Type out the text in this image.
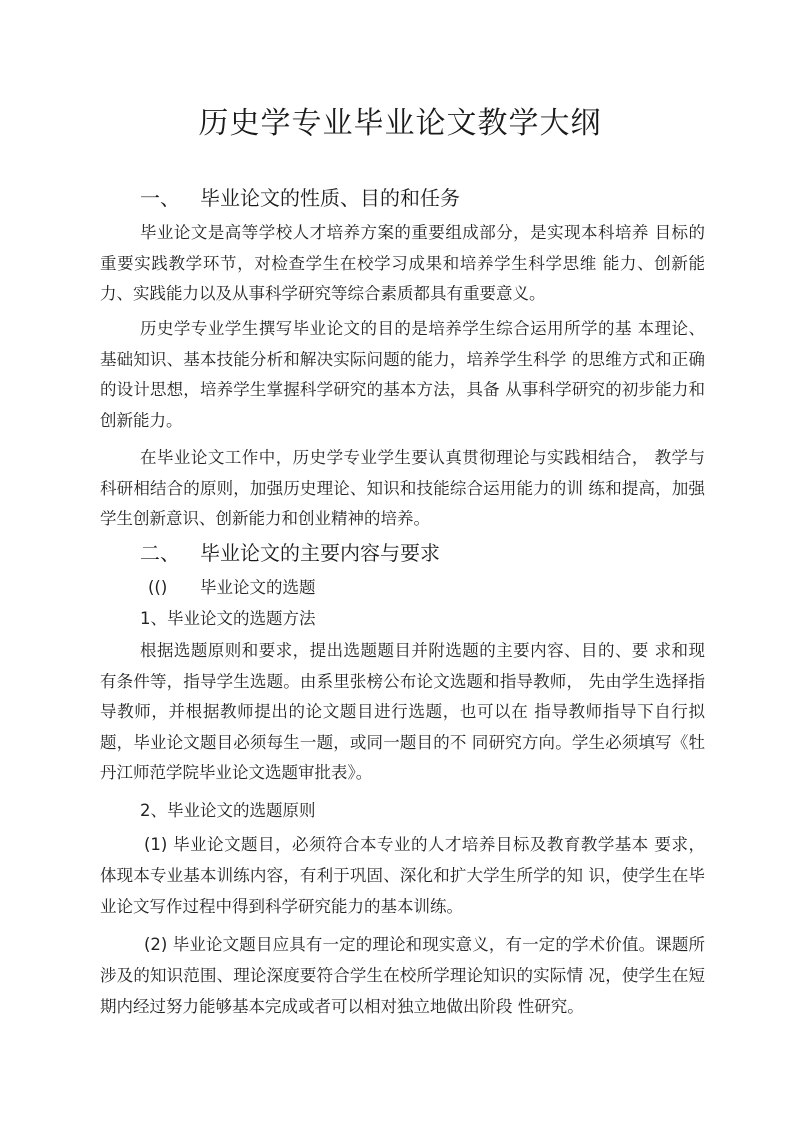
历史学专业毕业论文教学大纲
一、 毕业论文的性质、目的和任务

毕业论文是高等学校人才培养方案的重要组成部分，是实现本科培养 目标的重要实践教学环节，对检查学生在校学习成果和培养学生科学思维 能力、创新能力、实践能力以及从事科学研究等综合素质都具有重要意义。

历史学专业学生撰写毕业论文的目的是培养学生综合运用所学的基 本理论、基础知识、基本技能分析和解决实际问题的能力，培养学生科学 的思维方式和正确的设计思想，培养学生掌握科学研究的基本方法，具备 从事科学研究的初步能力和创新能力。

在毕业论文工作中，历史学专业学生要认真贯彻理论与实践相结合， 教学与科研相结合的原则，加强历史理论、知识和技能综合运用能力的训 练和提高，加强学生创新意识、创新能力和创业精神的培养。

二、 毕业论文的主要内容与要求
(() 毕业论文的选题
1、毕业论文的选题方法

根据选题原则和要求，提出选题题目并附选题的主要内容、目的、要 求和现有条件等，指导学生选题。由系里张榜公布论文选题和指导教师， 先由学生选择指导教师，并根据教师提出的论文题目进行选题，也可以在 指导教师指导下自行拟题，毕业论文题目必须每生一题，或同一题目的不 同研究方向。学生必须填写《牡丹江师范学院毕业论文选题审批表》。

2、毕业论文的选题原则

(1) 毕业论文题目，必须符合本专业的人才培养目标及教育教学基本 要求，体现本专业基本训练内容，有利于巩固、深化和扩大学生所学的知 识，使学生在毕业论文写作过程中得到科学研究能力的基本训练。

(2) 毕业论文题目应具有一定的理论和现实意义，有一定的学术价值。课题所涉及的知识范围、理论深度要符合学生在校所学理论知识的实际情 况，使学生在短期内经过努力能够基本完成或者可以相对独立地做出阶段 性研究。
